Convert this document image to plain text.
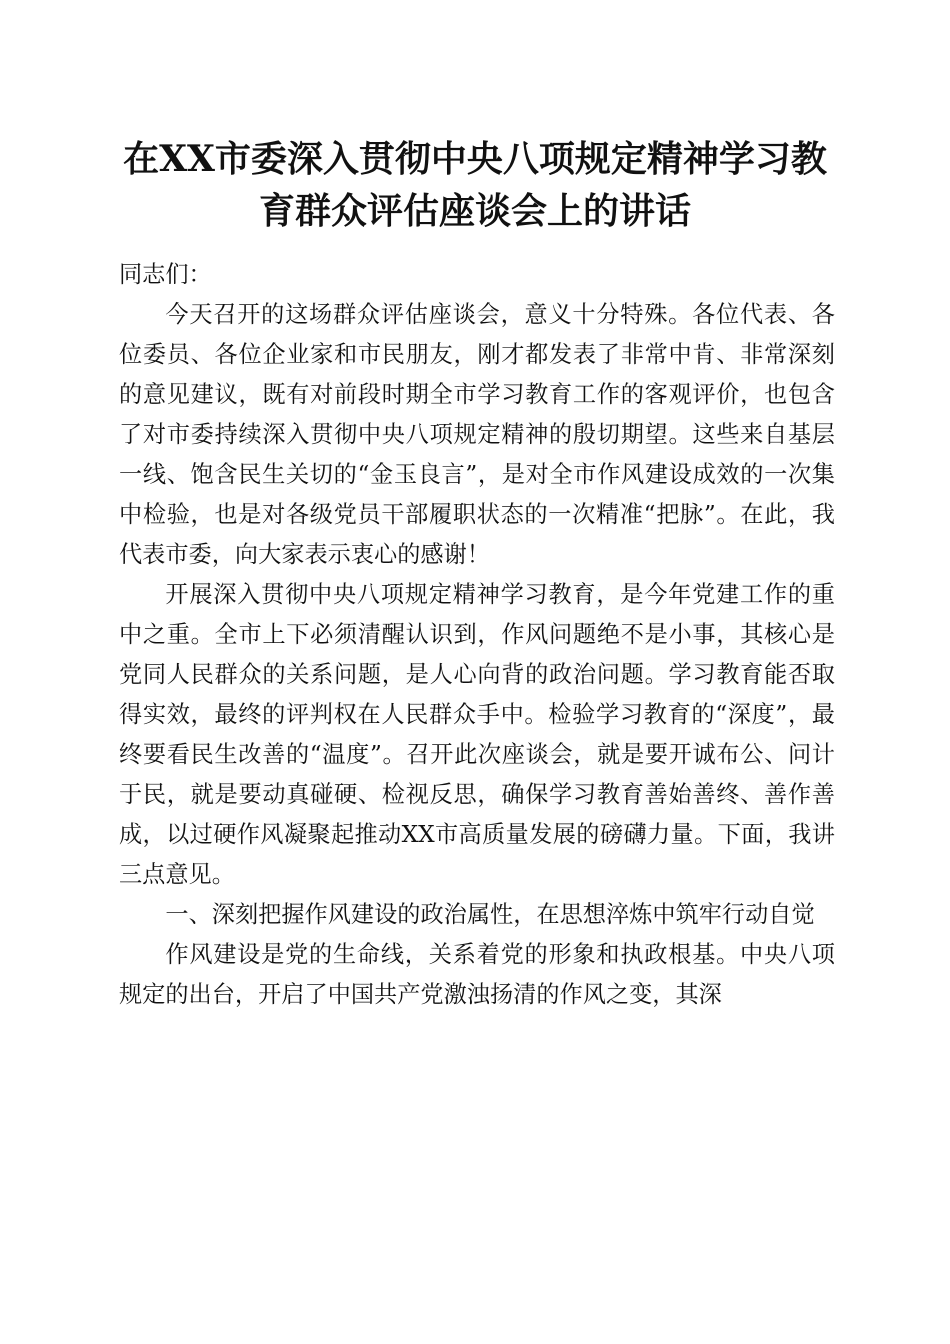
在XX市委深入贯彻中央八项规定精神学习教
育群众评估座谈会上的讲话

同志们：

今天召开的这场群众评估座谈会，意义十分特殊。各位代表、各位委员、各位企业家和市民朋友，刚才都发表了非常中肯、非常深刻的意见建议，既有对前段时期全市学习教育工作的客观评价，也包含了对市委持续深入贯彻中央八项规定精神的殷切期望。这些来自基层一线、饱含民生关切的“金玉良言”，是对全市作风建设成效的一次集中检验，也是对各级党员干部履职状态的一次精准“把脉”。在此，我代表市委，向大家表示衷心的感谢！

开展深入贯彻中央八项规定精神学习教育，是今年党建工作的重中之重。全市上下必须清醒认识到，作风问题绝不是小事，其核心是党同人民群众的关系问题，是人心向背的政治问题。学习教育能否取得实效，最终的评判权在人民群众手中。检验学习教育的“深度”，最终要看民生改善的“温度”。召开此次座谈会，就是要开诚布公、问计于民，就是要动真碰硬、检视反思，确保学习教育善始善终、善作善成，以过硬作风凝聚起推动XX市高质量发展的磅礴力量。下面，我讲三点意见。

一、深刻把握作风建设的政治属性，在思想淬炼中筑牢行动自觉

作风建设是党的生命线，关系着党的形象和执政根基。中央八项规定的出台，开启了中国共产党激浊扬清的作风之变，其深
